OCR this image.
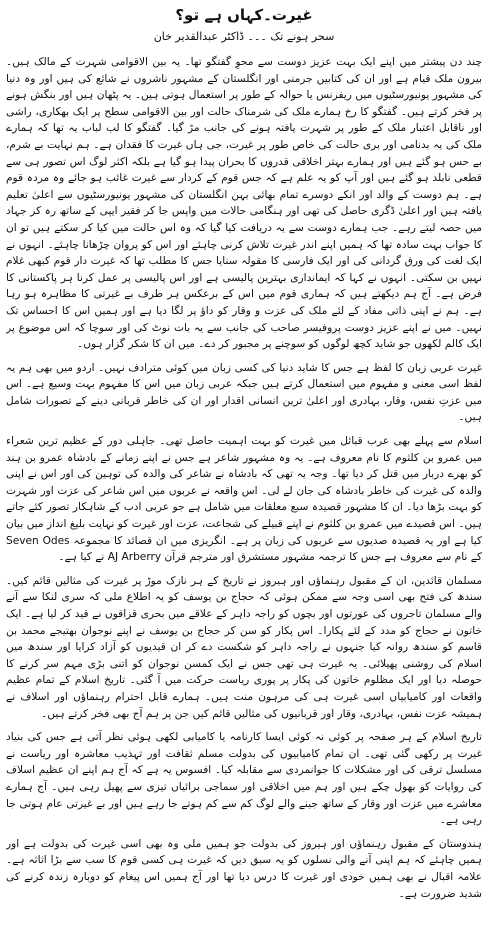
غیرت۔کہاں ہے تو؟
سحر ہونے تک ۔۔۔ ڈاکٹر عبدالقدیر خان

چند دن پیشتر میں اپنے ایک بہت عزیز دوست سے محوِ گفتگو تھا۔ یہ بین الاقوامی شہرت کے مالک ہیں۔ بیرون ملک قیام ہے اور ان کی کتابیں جرمنی اور انگلستان کے مشہور ناشروں نے شائع کی ہیں اور وہ دنیا کی مشہور یونیورسٹیوں میں ریفرنس یا حوالہ کے طور پر استعمال ہوتی ہیں۔ یہ پٹھان ہیں اور بنگش ہونے پر فخر کرتے ہیں۔ گفتگو کا رخ ہمارے ملک کی شرمناک حالت اور بین الاقوامی سطح پر ایک بھکاری، راشی اور ناقابل اعتبار ملک کے طور پر شہرت یافتہ ہونے کی جانب مڑ گیا۔ گفتگو کا لب لباب یہ تھا کہ ہمارے ملک کی یہ بدنامی اور بری حالت کی خاص طور پر غیرت، جی ہاں غیرت کا فقدان ہے۔ ہم نہایت بے شرم، بے حس ہو گئے ہیں اور ہمارے بہتر اخلاقی قدروں کا بحران پیدا ہو گیا ہے بلکہ اکثر لوگ اس تصور ہی سے قطعی نابلد ہو گئے ہیں اور آپ کو یہ علم ہے کہ جس قوم کے کردار سے غیرت غائب ہو جائے وہ مردہ قوم ہے۔ ہم دوست کے والد اور انکے دوسرے تمام بھائی بہن انگلستان کی مشہور یونیورسٹیوں سے اعلیٰ تعلیم یافتہ ہیں اور اعلیٰ ڈگری حاصل کی تھی اور ہنگامی حالات میں واپس جا کر فقیر ایپی کے ساتھ رہ کر جہاد میں حصہ لیتے رہے۔ جب ہمارے دوست سے یہ دریافت کیا گیا کہ وہ اس حالت میں کیا کر سکتے ہیں تو ان کا جواب بہت سادہ تھا کہ ہمیں اپنے اندر غیرت تلاش کرنی چاہئے اور اس کو پروان چڑھانا چاہئے۔ انہوں نے ایک لغت کی ورق گردانی کی اور ایک فارسی کا مقولہ سنایا جس کا مطلب تھا کہ غیرت دار قوم کبھی غلام نہیں بن سکتی۔ انہوں نے کہا کہ ایمانداری بہترین پالیسی ہے اور اس پالیسی پر عمل کرنا ہر پاکستانی کا فرض ہے۔ آج ہم دیکھتے ہیں کہ ہماری قوم میں اس کے برعکس ہر طرف بے غیرتی کا مظاہرہ ہو رہا ہے۔ ہم نے اپنی ذاتی مفاد کے لئے ملک کی عزت و وقار کو داؤ پر لگا دیا ہے اور ہمیں اس کا احساس تک نہیں۔ میں نے اپنے عزیز دوست پروفیسر صاحب کی جانب سے یہ بات نوٹ کی اور سوچا کہ اس موضوع پر ایک کالم لکھوں جو شاید کچھ لوگوں کو سوچنے پر مجبور کر دے۔ میں ان کا شکر گزار ہوں۔

غیرت عربی زبان کا لفظ ہے جس کا شاید دنیا کی کسی زبان میں کوئی مترادف نہیں۔ اردو میں بھی ہم یہ لفظ اسی معنی و مفہوم میں استعمال کرتے ہیں جبکہ عربی زبان میں اس کا مفہوم بہت وسیع ہے۔ اس میں عزتِ نفس، وقار، بہادری اور اعلیٰ ترین انسانی اقدار اور ان کی خاطر قربانی دینے کے تصورات شامل ہیں۔

اسلام سے پہلے بھی عرب قبائل میں غیرت کو بہت اہمیت حاصل تھی۔ جاہلی دور کے عظیم ترین شعراء میں عمرو بن کلثوم کا نام معروف ہے۔ یہ وہ مشہور شاعر ہے جس نے اپنے زمانے کے بادشاہ عمرو بن ہند کو بھرے دربار میں قتل کر دیا تھا۔ وجہ یہ تھی کہ بادشاہ نے شاعر کی والدہ کی توہین کی اور اس نے اپنی والدہ کی غیرت کی خاطر بادشاہ کی جان لے لی۔ اس واقعہ نے عربوں میں اس شاعر کی عزت اور شہرت کو بہت بڑھا دیا۔ ان کا مشہور قصیدہ سبع معلقات میں شامل ہے جو عربی ادب کے شاہکار تصور کئے جاتے ہیں۔ اس قصیدے میں عمرو بن کلثوم نے اپنے قبیلے کی شجاعت، عزت اور غیرت کو نہایت بلیغ انداز میں بیان کیا ہے اور یہ قصیدہ صدیوں سے عربوں کی زبان پر ہے۔ انگریزی میں ان قصائد کا مجموعہ Seven Odes کے نام سے معروف ہے جس کا ترجمہ مشہور مستشرق اور مترجم قرآن AJ Arberry نے کیا ہے۔

مسلمان قائدین، ان کے مقبول رہنماؤں اور ہیروز نے تاریخ کے ہر نازک موڑ پر غیرت کی مثالیں قائم کیں۔ سندھ کی فتح بھی اسی وجہ سے ممکن ہوئی کہ حجاج بن یوسف کو یہ اطلاع ملی کہ سری لنکا سے آنے والے مسلمان تاجروں کی عورتوں اور بچوں کو راجہ داہر کے علاقے میں بحری قزاقوں نے قید کر لیا ہے۔ ایک خاتون نے حجاج کو مدد کے لئے پکارا۔ اس پکار کو سن کر حجاج بن یوسف نے اپنے نوجوان بھتیجے محمد بن قاسم کو سندھ روانہ کیا جنہوں نے راجہ داہر کو شکست دے کر ان قیدیوں کو آزاد کرایا اور سندھ میں اسلام کی روشنی پھیلائی۔ یہ غیرت ہی تھی جس نے ایک کمسن نوجوان کو اتنی بڑی مہم سر کرنے کا حوصلہ دیا اور ایک مظلوم خاتون کی پکار پر پوری ریاست حرکت میں آ گئی۔ تاریخ اسلام کے تمام عظیم واقعات اور کامیابیاں اسی غیرت ہی کی مرہون منت ہیں۔ ہمارے قابل احترام رہنماؤں اور اسلاف نے ہمیشہ عزت نفس، بہادری، وقار اور قربانیوں کی مثالیں قائم کیں جن پر ہم آج بھی فخر کرتے ہیں۔

تاریخ اسلام کے ہر صفحہ پر کوئی نہ کوئی ایسا کارنامہ یا کامیابی لکھی ہوئی نظر آتی ہے جس کی بنیاد غیرت پر رکھی گئی تھی۔ ان تمام کامیابیوں کی بدولت مسلم ثقافت اور تہذیب معاشرہ اور ریاست نے مسلسل ترقی کی اور مشکلات کا جوانمردی سے مقابلہ کیا۔ افسوس یہ ہے کہ آج ہم اپنے ان عظیم اسلاف کی روایات کو بھول چکے ہیں اور ہم میں اخلاقی اور سماجی برائیاں تیزی سے پھیل رہی ہیں۔ آج ہمارے معاشرے میں عزت اور وقار کے ساتھ جینے والے لوگ کم سے کم ہوتے جا رہے ہیں اور بے غیرتی عام ہوتی جا رہی ہے۔

ہندوستان کے مقبول رہنماؤں اور ہیروز کی بدولت جو ہمیں ملی وہ بھی اسی غیرت کی بدولت ہے اور ہمیں چاہئے کہ ہم اپنی آنے والی نسلوں کو یہ سبق دیں کہ غیرت ہی کسی قوم کا سب سے بڑا اثاثہ ہے۔ علامہ اقبال نے بھی ہمیں خودی اور غیرت کا درس دیا تھا اور آج ہمیں اس پیغام کو دوبارہ زندہ کرنے کی شدید ضرورت ہے۔
